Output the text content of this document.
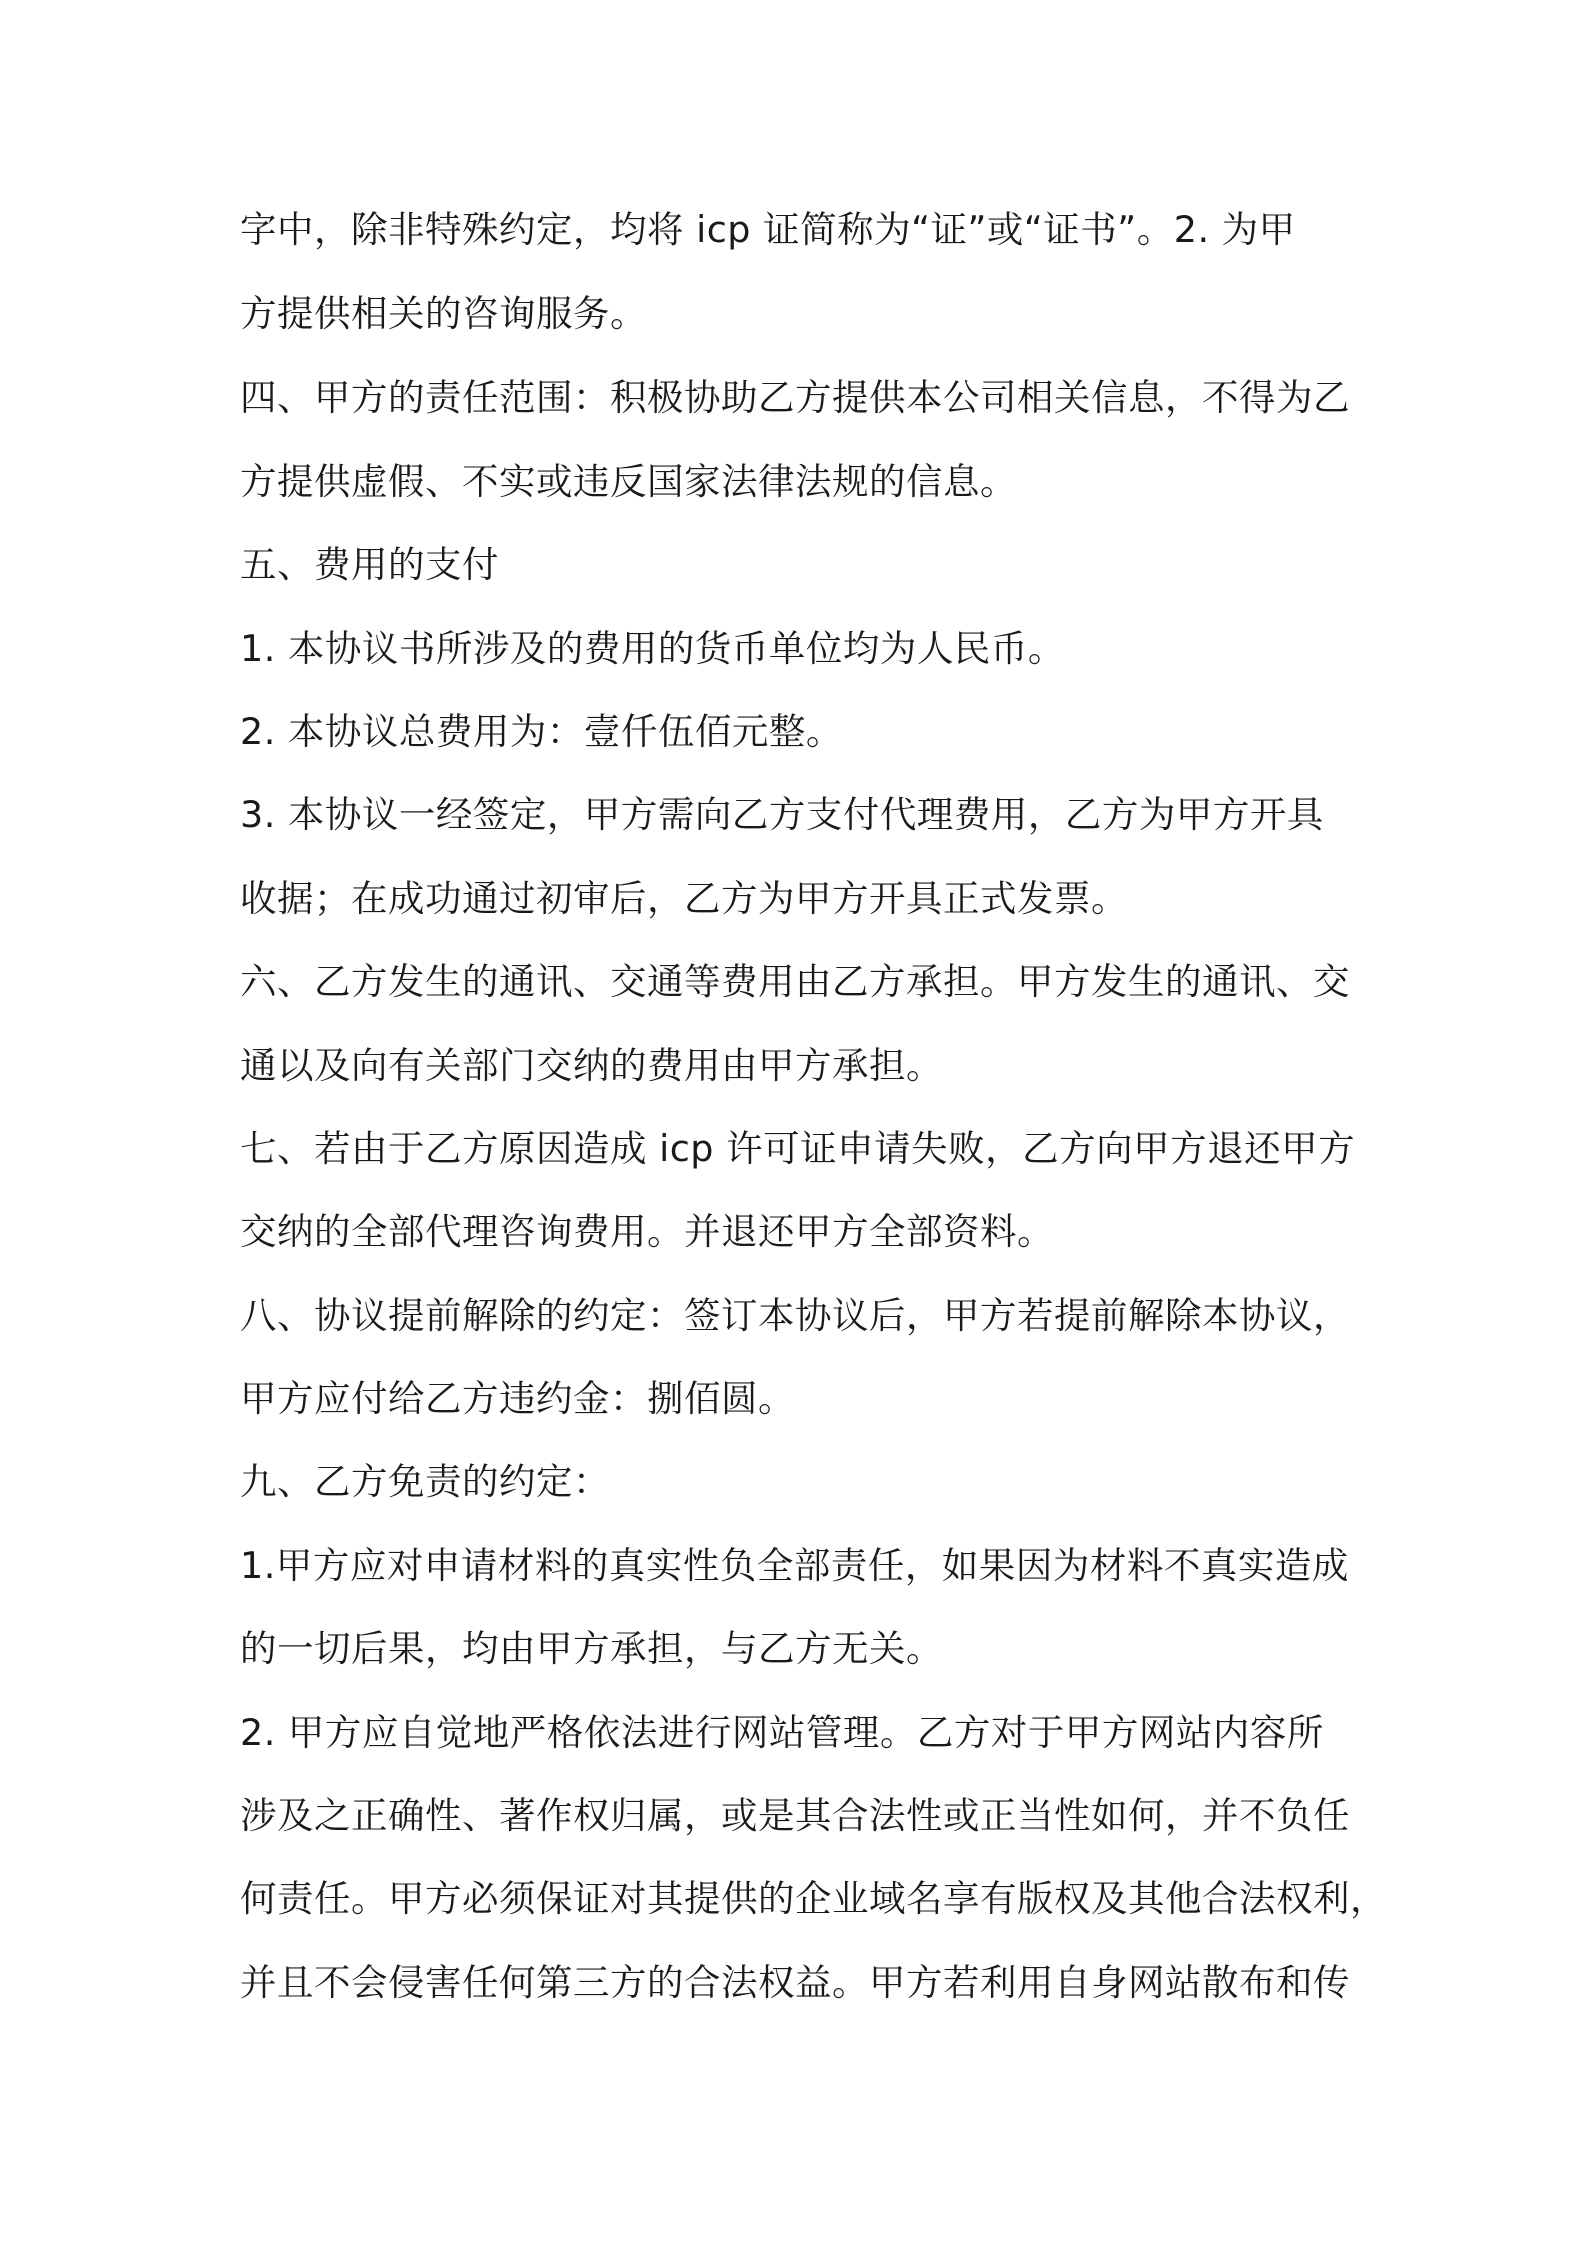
字中，除非特殊约定，均将 icp 证简称为“证”或“证书”。2. 为甲
方提供相关的咨询服务。
四、甲方的责任范围：积极协助乙方提供本公司相关信息，不得为乙
方提供虚假、不实或违反国家法律法规的信息。
五、费用的支付
1. 本协议书所涉及的费用的货币单位均为人民币。
2. 本协议总费用为：壹仟伍佰元整。
3. 本协议一经签定，甲方需向乙方支付代理费用，乙方为甲方开具
收据；在成功通过初审后，乙方为甲方开具正式发票。
六、乙方发生的通讯、交通等费用由乙方承担。甲方发生的通讯、交
通以及向有关部门交纳的费用由甲方承担。
七、若由于乙方原因造成 icp 许可证申请失败，乙方向甲方退还甲方
交纳的全部代理咨询费用。并退还甲方全部资料。
八、协议提前解除的约定：签订本协议后，甲方若提前解除本协议，
甲方应付给乙方违约金：捌佰圆。
九、乙方免责的约定：
1.甲方应对申请材料的真实性负全部责任，如果因为材料不真实造成
的一切后果，均由甲方承担，与乙方无关。
2. 甲方应自觉地严格依法进行网站管理。乙方对于甲方网站内容所
涉及之正确性、著作权归属，或是其合法性或正当性如何，并不负任
何责任。甲方必须保证对其提供的企业域名享有版权及其他合法权利，
并且不会侵害任何第三方的合法权益。甲方若利用自身网站散布和传
